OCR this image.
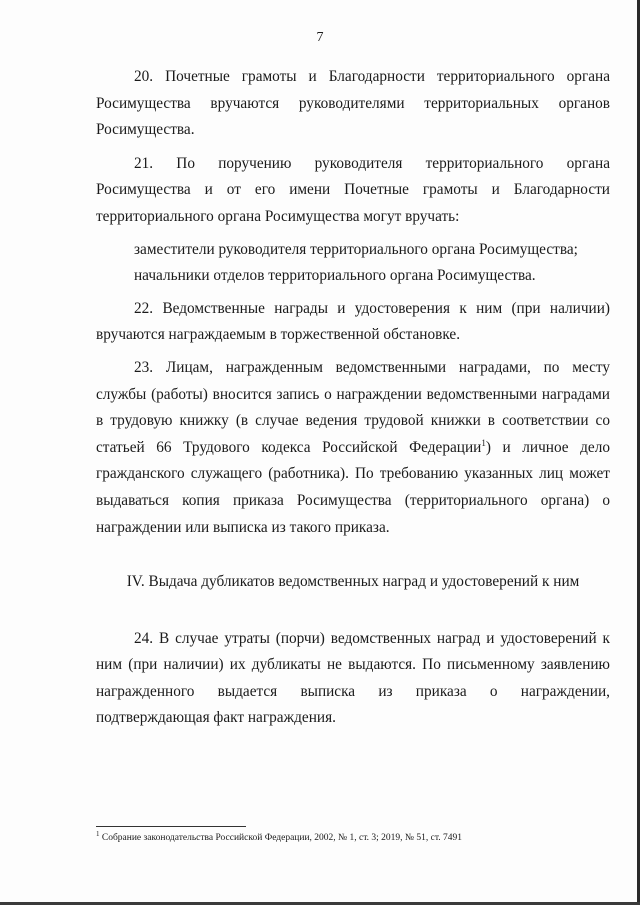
7

20. Почетные грамоты и Благодарности территориального органа Росимущества вручаются руководителями территориальных органов Росимущества.

21. По поручению руководителя территориального органа Росимущества и от его имени Почетные грамоты и Благодарности территориального органа Росимущества могут вручать:

заместители руководителя территориального органа Росимущества;

начальники отделов территориального органа Росимущества.

22. Ведомственные награды и удостоверения к ним (при наличии) вручаются награждаемым в торжественной обстановке.

23. Лицам, награжденным ведомственными наградами, по месту службы (работы) вносится запись о награждении ведомственными наградами в трудовую книжку (в случае ведения трудовой книжки в соответствии со статьей 66 Трудового кодекса Российской Федерации$^1$) и личное дело гражданского служащего (работника). По требованию указанных лиц может выдаваться копия приказа Росимущества (территориального органа) о награждении или выписка из такого приказа.

IV. Выдача дубликатов ведомственных наград и удостоверений к ним

24. В случае утраты (порчи) ведомственных наград и удостоверений к ним (при наличии) их дубликаты не выдаются. По письменному заявлению награжденного выдается выписка из приказа о награждении, подтверждающая факт награждения.

$^1$ Собрание законодательства Российской Федерации, 2002, № 1, ст. 3; 2019, № 51, ст. 7491
